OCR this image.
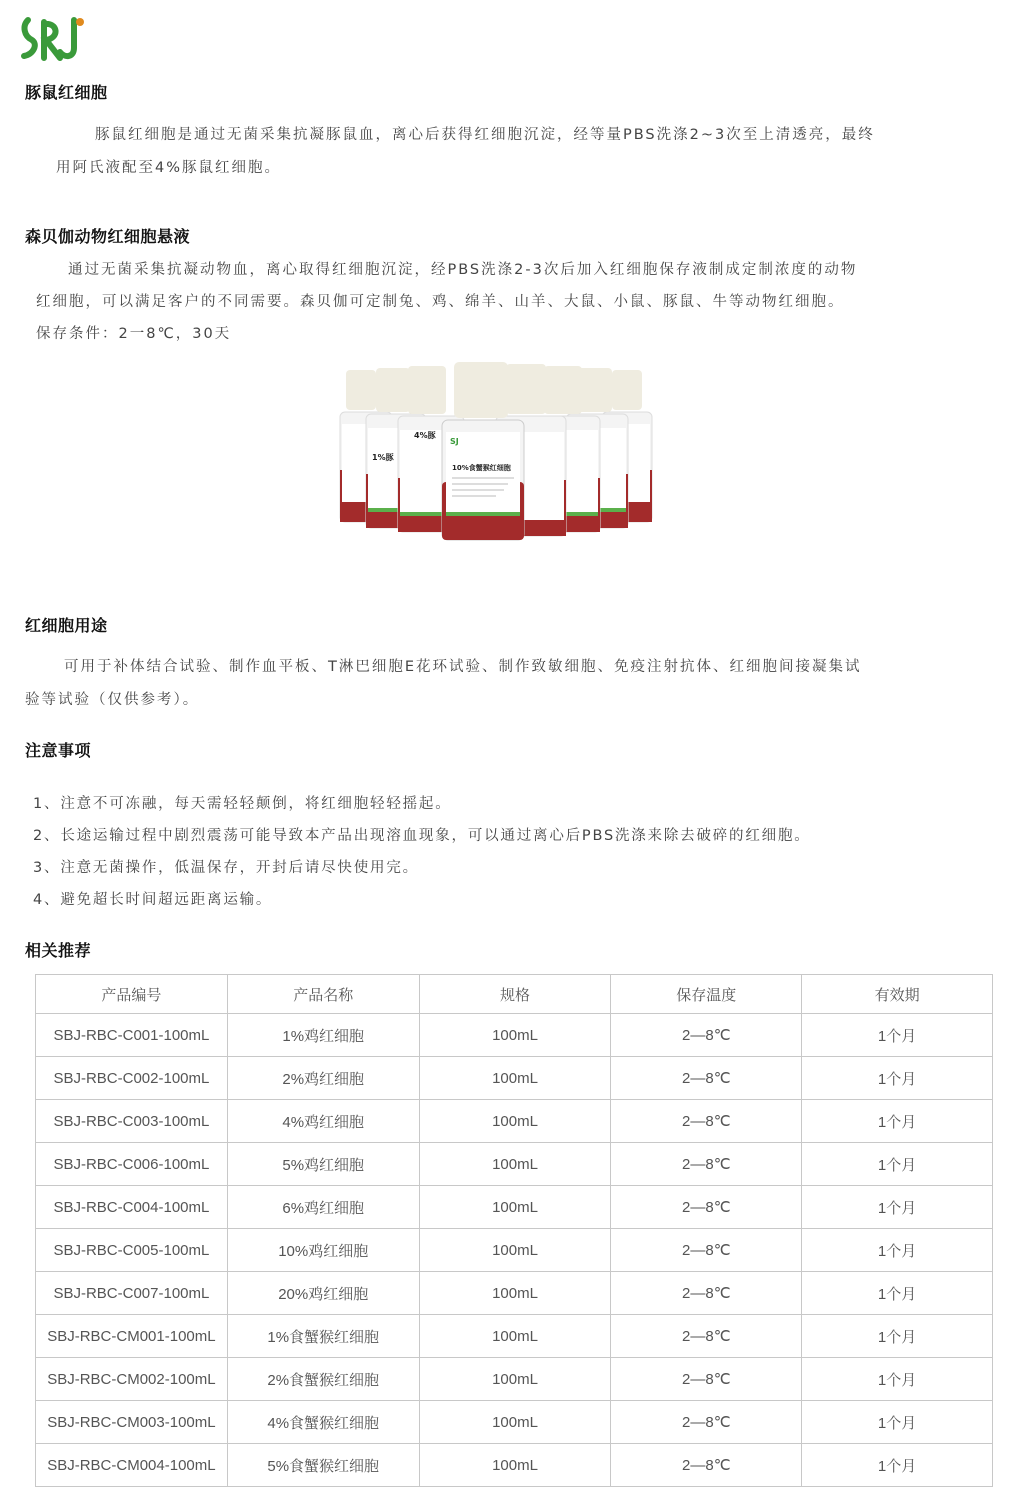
豚鼠红细胞
豚鼠红细胞是通过无菌采集抗凝豚鼠血，离心后获得红细胞沉淀，经等量PBS洗涤2~3次至上清透亮，最终
用阿氏液配至4%豚鼠红细胞。
森贝伽动物红细胞悬液
通过无菌采集抗凝动物血，离心取得红细胞沉淀，经PBS洗涤2-3次后加入红细胞保存液制成定制浓度的动物
红细胞，可以满足客户的不同需要。森贝伽可定制兔、鸡、绵羊、山羊、大鼠、小鼠、豚鼠、牛等动物红细胞。
保存条件：2一8℃，30天
1%豚
4%豚
SJ
10%食蟹猴红细胞
红细胞用途
可用于补体结合试验、制作血平板、T淋巴细胞E花环试验、制作致敏细胞、免疫注射抗体、红细胞间接凝集试
验等试验（仅供参考）。
注意事项
1、注意不可冻融，每天需轻轻颠倒，将红细胞轻轻摇起。
2、长途运输过程中剧烈震荡可能导致本产品出现溶血现象，可以通过离心后PBS洗涤来除去破碎的红细胞。
3、注意无菌操作，低温保存，开封后请尽快使用完。
4、避免超长时间超远距离运输。
相关推荐
产品编号	产品名称	规格	保存温度	有效期
SBJ-RBC-C001-100mL	1%鸡红细胞	100mL	2—8℃	1个月
SBJ-RBC-C002-100mL	2%鸡红细胞	100mL	2—8℃	1个月
SBJ-RBC-C003-100mL	4%鸡红细胞	100mL	2—8℃	1个月
SBJ-RBC-C006-100mL	5%鸡红细胞	100mL	2—8℃	1个月
SBJ-RBC-C004-100mL	6%鸡红细胞	100mL	2—8℃	1个月
SBJ-RBC-C005-100mL	10%鸡红细胞	100mL	2—8℃	1个月
SBJ-RBC-C007-100mL	20%鸡红细胞	100mL	2—8℃	1个月
SBJ-RBC-CM001-100mL	1%食蟹猴红细胞	100mL	2—8℃	1个月
SBJ-RBC-CM002-100mL	2%食蟹猴红细胞	100mL	2—8℃	1个月
SBJ-RBC-CM003-100mL	4%食蟹猴红细胞	100mL	2—8℃	1个月
SBJ-RBC-CM004-100mL	5%食蟹猴红细胞	100mL	2—8℃	1个月
